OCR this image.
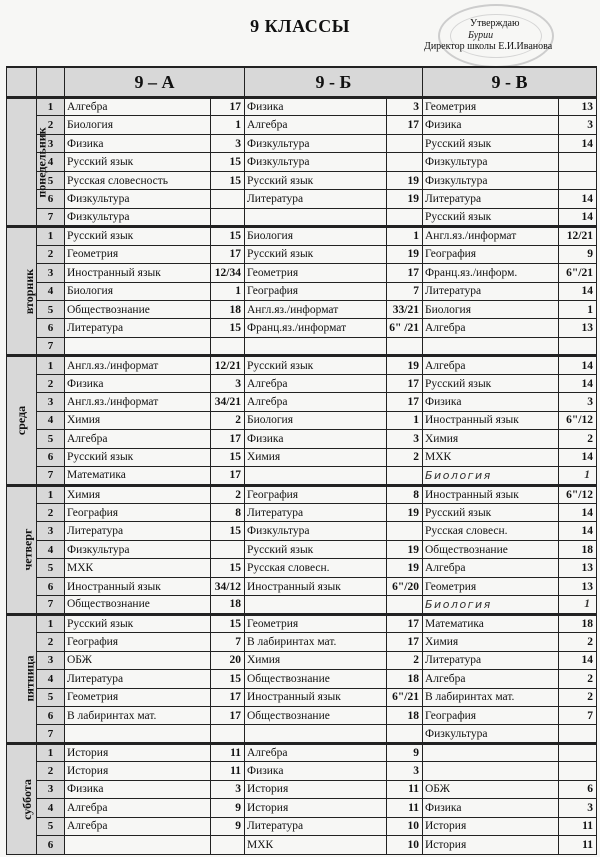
9 КЛАССЫ	Утверждаю
Бурии
Директор школы Е.И.Иванова
		9 – А		9 - Б		9 - В	
понедельник	1	Алгебра	17	Физика	3	Геометрия	13
	2	Биология	1	Алгебра	17	Физика	3
	3	Физика	3	Физкультура		Русский язык	14
	4	Русский язык	15	Физкультура		Физкультура	
	5	Русская словесность	15	Русский язык	19	Физкультура	
	6	Физкультура		Литература	19	Литература	14
	7	Физкультура				Русский язык	14
вторник	1	Русский язык	15	Биология	1	Англ.яз./информат	12/21
	2	Геометрия	17	Русский язык	19	География	9
	3	Иностранный язык	12/34	Геометрия	17	Франц.яз./информ.	6"/21
	4	Биология	1	География	7	Литература	14
	5	Обществознание	18	Англ.яз./информат	33/21	Биология	1
	6	Литература	15	Франц.яз./информат	6" /21	Алгебра	13
	7						
среда	1	Англ.яз./информат	12/21	Русский язык	19	Алгебра	14
	2	Физика	3	Алгебра	17	Русский язык	14
	3	Англ.яз./информат	34/21	Алгебра	17	Физика	3
	4	Химия	2	Биология	1	Иностранный язык	6"/12
	5	Алгебра	17	Физика	3	Химия	2
	6	Русский язык	15	Химия	2	МХК	14
	7	Математика	17			Биология	1
четверг	1	Химия	2	География	8	Иностранный язык	6"/12
	2	География	8	Литература	19	Русский язык	14
	3	Литература	15	Физкультура		Русская словесн.	14
	4	Физкультура		Русский язык	19	Обществознание	18
	5	МХК	15	Русская словесн.	19	Алгебра	13
	6	Иностранный язык	34/12	Иностранный язык	6"/20	Геометрия	13
	7	Обществознание	18			Биология	1
пятница	1	Русский язык	15	Геометрия	17	Математика	18
	2	География	7	В лабиринтах мат.	17	Химия	2
	3	ОБЖ	20	Химия	2	Литература	14
	4	Литература	15	Обществознание	18	Алгебра	2
	5	Геометрия	17	Иностранный язык	6"/21	В лабиринтах мат.	2
	6	В лабиринтах мат.	17	Обществознание	18	География	7
	7					Физкультура	
суббота	1	История	11	Алгебра	9		
	2	История	11	Физика	3		
	3	Физика	3	История	11	ОБЖ	6
	4	Алгебра	9	История	11	Физика	3
	5	Алгебра	9	Литература	10	История	11
	6			МХК	10	История	11
